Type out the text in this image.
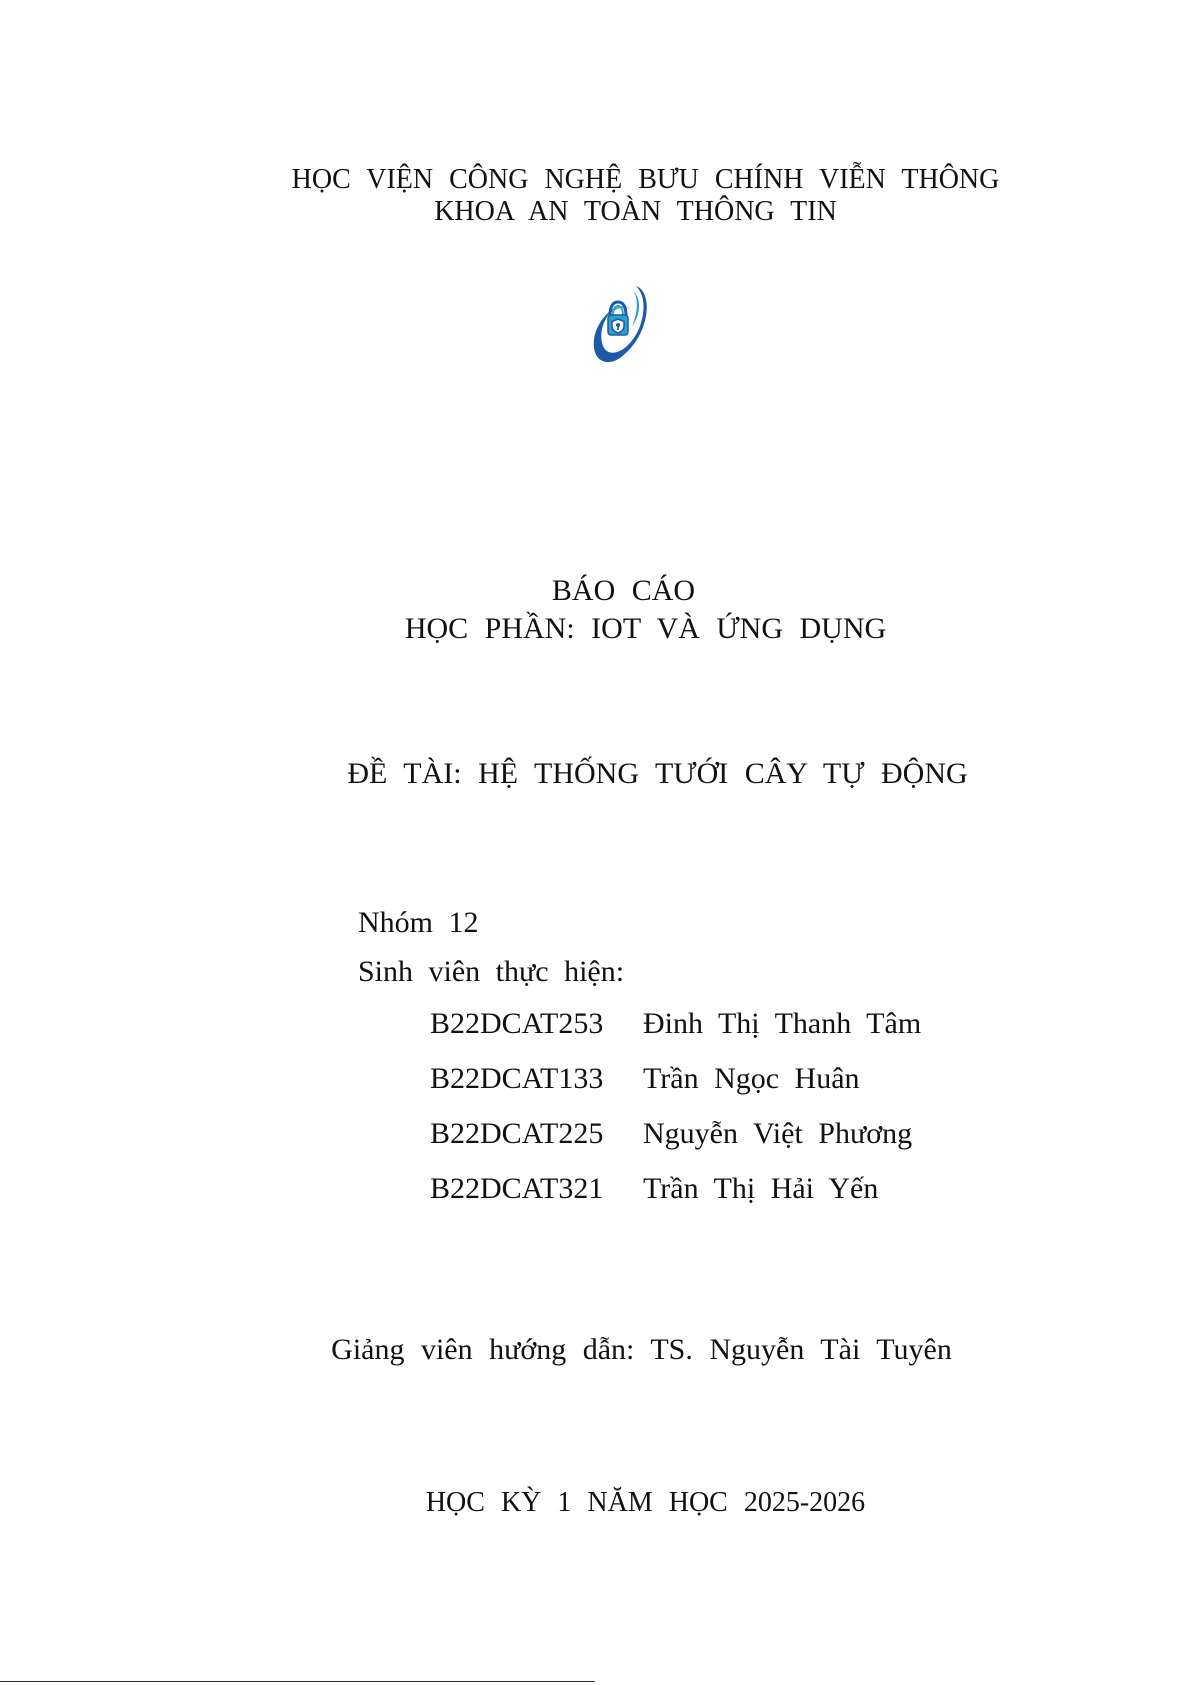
HỌC VIỆN CÔNG NGHỆ BƯU CHÍNH VIỄN THÔNG
KHOA AN TOÀN THÔNG TIN
BÁO CÁO
HỌC PHẦN: IOT VÀ ỨNG DỤNG
ĐỀ TÀI: HỆ THỐNG TƯỚI CÂY TỰ ĐỘNG
Nhóm 12
Sinh viên thực hiện:
B22DCAT253 Đinh Thị Thanh Tâm
B22DCAT133 Trần Ngọc Huân
B22DCAT225 Nguyễn Việt Phương
B22DCAT321 Trần Thị Hải Yến
Giảng viên hướng dẫn: TS. Nguyễn Tài Tuyên
HỌC KỲ 1 NĂM HỌC 2025-2026
